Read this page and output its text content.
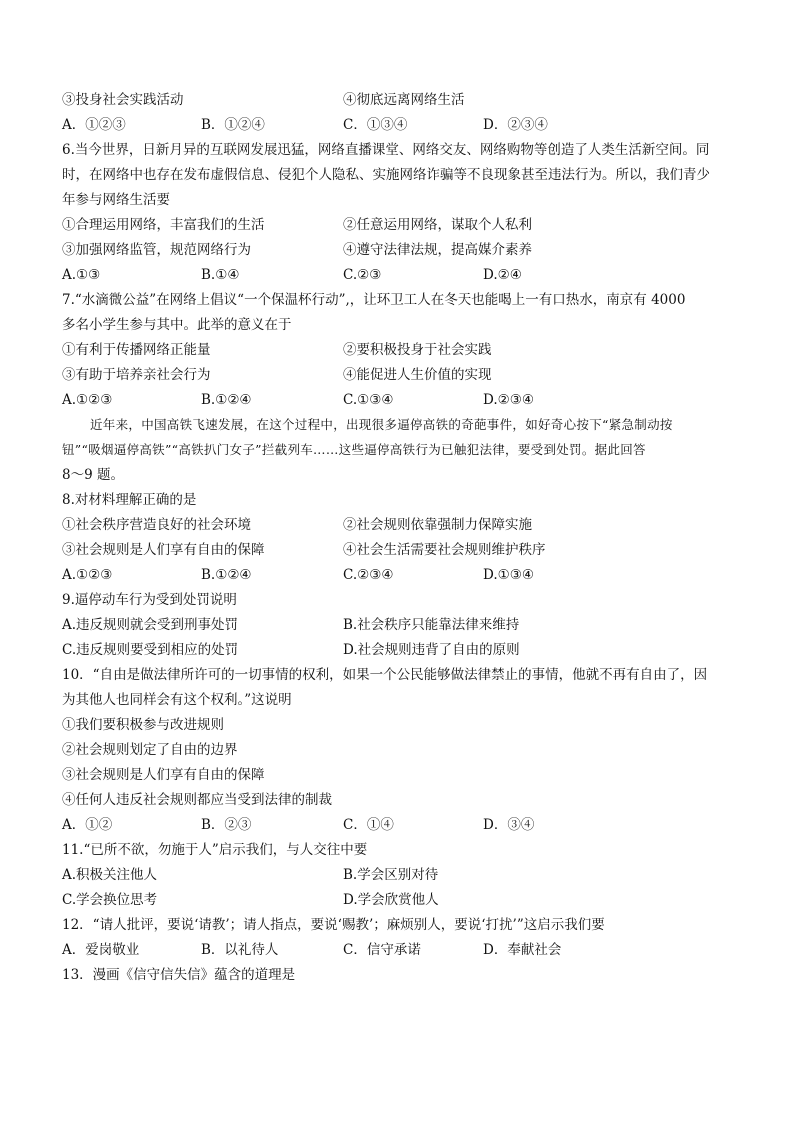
③投身社会实践活动	④彻底远离网络生活
A．①②③	B．①②④	C．①③④	D．②③④
6.当今世界，日新月异的互联网发展迅猛，网络直播课堂、网络交友、网络购物等创造了人类生活新空间。同
时，在网络中也存在发布虚假信息、侵犯个人隐私、实施网络诈骗等不良现象甚至违法行为。所以，我们青少
年参与网络生活要
①合理运用网络，丰富我们的生活	②任意运用网络，谋取个人私利
③加强网络监管，规范网络行为	④遵守法律法规，提高媒介素养
A.①③	B.①④	C.②③	D.②④
7.“水滴微公益”在网络上倡议“一个保温杯行动”,，让环卫工人在冬天也能喝上一有口热水，南京有 4000
多名小学生参与其中。此举的意义在于
①有利于传播网络正能量	②要积极投身于社会实践
③有助于培养亲社会行为	④能促进人生价值的实现
A.①②③	B.①②④	C.①③④	D.②③④
近年来，中国高铁飞速发展，在这个过程中，出现很多逼停高铁的奇葩事件，如好奇心按下“紧急制动按
钮”“吸烟逼停高铁”“高铁扒门女子”拦截列车……这些逼停高铁行为已触犯法律，要受到处罚。据此回答
8～9 题。
8.对材料理解正确的是
①社会秩序营造良好的社会环境	②社会规则依靠强制力保障实施
③社会规则是人们享有自由的保障	④社会生活需要社会规则维护秩序
A.①②③	B.①②④	C.②③④	D.①③④
9.逼停动车行为受到处罚说明
A.违反规则就会受到刑事处罚	B.社会秩序只能靠法律来维持
C.违反规则要受到相应的处罚	D.社会规则违背了自由的原则
10．“自由是做法律所许可的一切事情的权利，如果一个公民能够做法律禁止的事情，他就不再有自由了，因
为其他人也同样会有这个权利。”这说明
①我们要积极参与改进规则
②社会规则划定了自由的边界
③社会规则是人们享有自由的保障
④任何人违反社会规则都应当受到法律的制裁
A．①②	B．②③	C．①④	D．③④
11.“已所不欲，勿施于人”启示我们，与人交往中要
A.积极关注他人	B.学会区别对待
C.学会换位思考	D.学会欣赏他人
12．“请人批评，要说‘请教’；请人指点，要说‘赐教’；麻烦别人，要说‘打扰’”这启示我们要
A．爱岗敬业	B．以礼待人	C．信守承诺	D．奉献社会
13．漫画《信守信失信》蕴含的道理是
